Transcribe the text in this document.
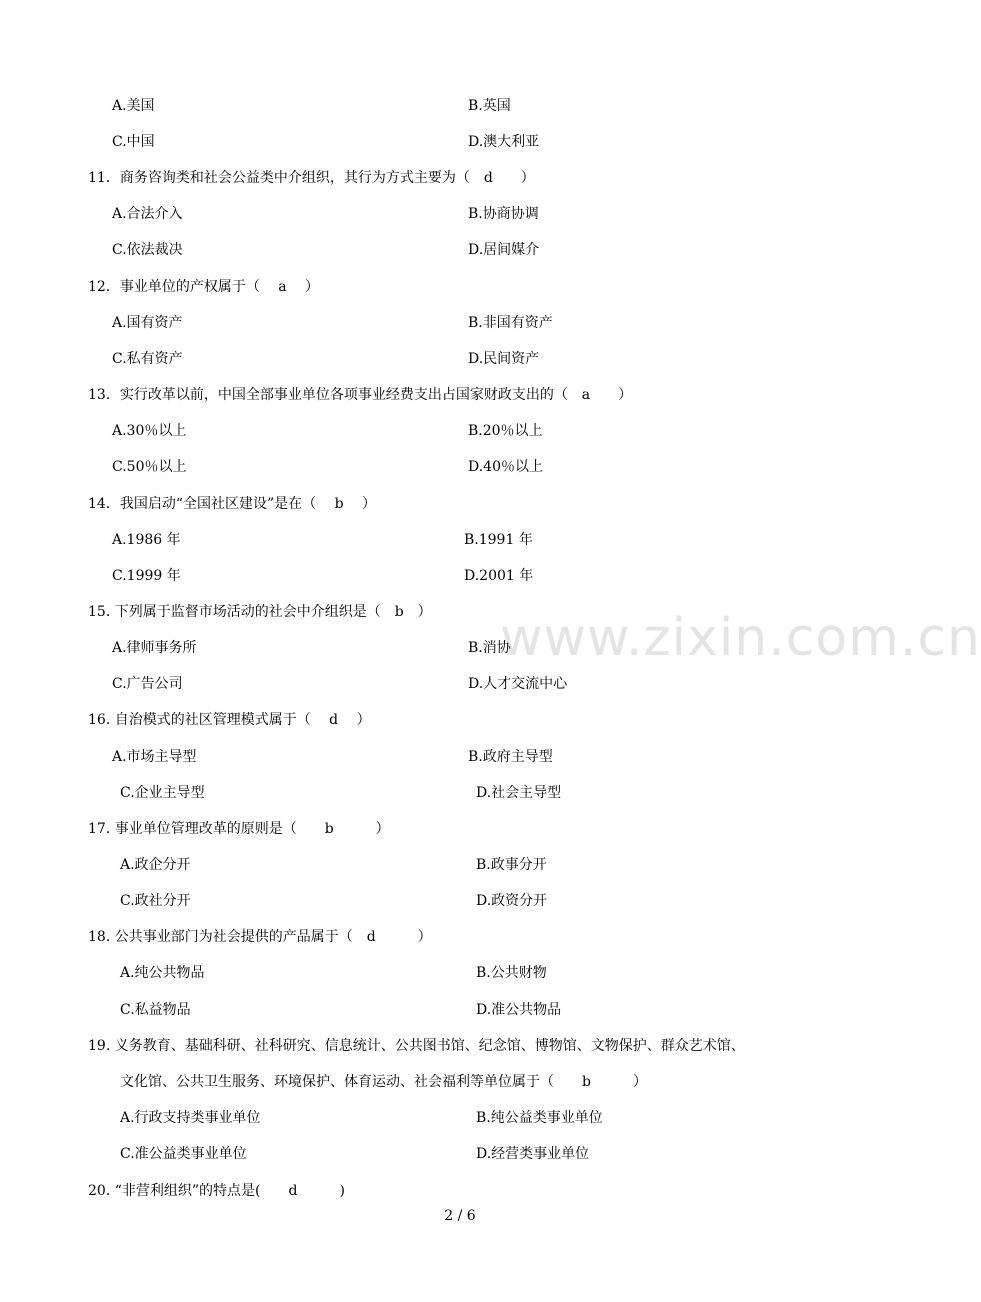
www.zixin.com.cn
A.美国	B.英国
C.中国	D.澳大利亚
11．商务咨询类和社会公益类中介组织，其行为方式主要为（　d　　）
A.合法介入	B.协商协调
C.依法裁决	D.居间媒介
12．事业单位的产权属于（　 a　 ）
A.国有资产	B.非国有资产
C.私有资产	D.民间资产
13．实行改革以前，中国全部事业单位各项事业经费支出占国家财政支出的（　a　　）
A.30％以上	B.20％以上
C.50％以上	D.40％以上
14．我国启动“全国社区建设”是在（　 b　 ）
A.1986 年	B.1991 年
C.1999 年	D.2001 年
15. 下列属于监督市场活动的社会中介组织是（　b　）
A.律师事务所	B.消协
C.广告公司	D.人才交流中心
16. 自治模式的社区管理模式属于（　 d　 ）
A.市场主导型	B.政府主导型
C.企业主导型	D.社会主导型
17. 事业单位管理改革的原则是（　　b　　　）
A.政企分开	B.政事分开
C.政社分开	D.政资分开
18. 公共事业部门为社会提供的产品属于（　d　　　）
A.纯公共物品	B.公共财物
C.私益物品	D.准公共物品
19. 义务教育、基础科研、社科研究、信息统计、公共图书馆、纪念馆、博物馆、文物保护、群众艺术馆、
文化馆、公共卫生服务、环境保护、体育运动、社会福利等单位属于（　　b　　　）
A.行政支持类事业单位	B.纯公益类事业单位
C.准公益类事业单位	D.经营类事业单位
20. “非营利组织”的特点是(　　d　　　)
2 / 6
